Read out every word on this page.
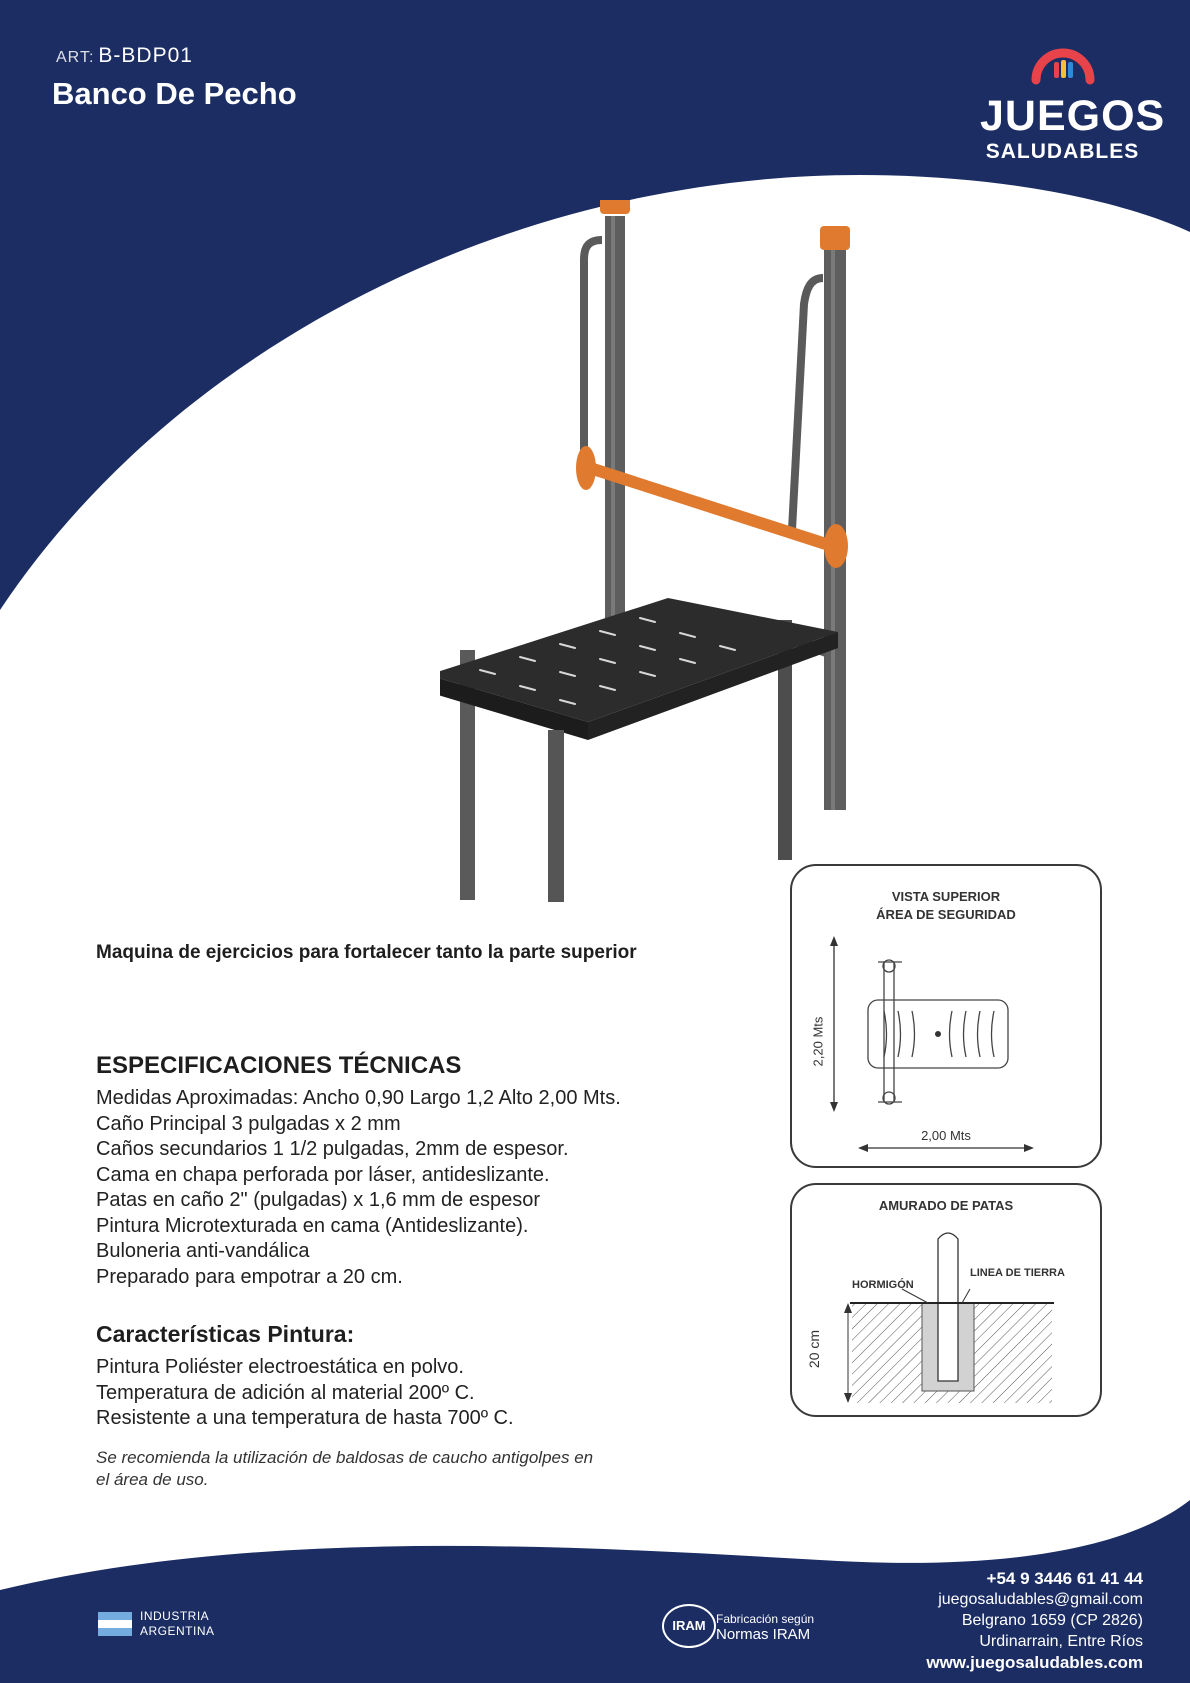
ART: B-BDP01
Banco De Pecho	JUEGOS
SALUDABLES
Maquina de ejercicios para fortalecer tanto la parte superior
ESPECIFICACIONES TÉCNICAS
Medidas Aproximadas: Ancho 0,90 Largo 1,2 Alto 2,00 Mts.
Caño Principal 3 pulgadas x 2 mm
Caños secundarios 1 1/2 pulgadas, 2mm de espesor.
Cama en chapa perforada por láser, antideslizante.
Patas en caño 2" (pulgadas) x 1,6 mm de espesor
Pintura Microtexturada en cama (Antideslizante).
Buloneria anti-vandálica
Preparado para empotrar a 20 cm.
Características Pintura:
Pintura Poliéster electroestática en polvo.
Temperatura de adición al material 200º C.
Resistente a una temperatura de hasta 700º C.
Se recomienda la utilización de baldosas de caucho antigolpes en el área de uso.
VISTA SUPERIOR
ÁREA DE SEGURIDAD
2,20 Mts
2,00 Mts
AMURADO DE PATAS
HORMIGÓN
LINEA DE TIERRA
20 cm
+54 9 3446 61 41 44
juegosaludables@gmail.com
Belgrano 1659 (CP 2826)
Urdinarrain, Entre Ríos
www.juegosaludables.com
INDUSTRIA
ARGENTINA	IRAM Fabricación según
Normas IRAM
